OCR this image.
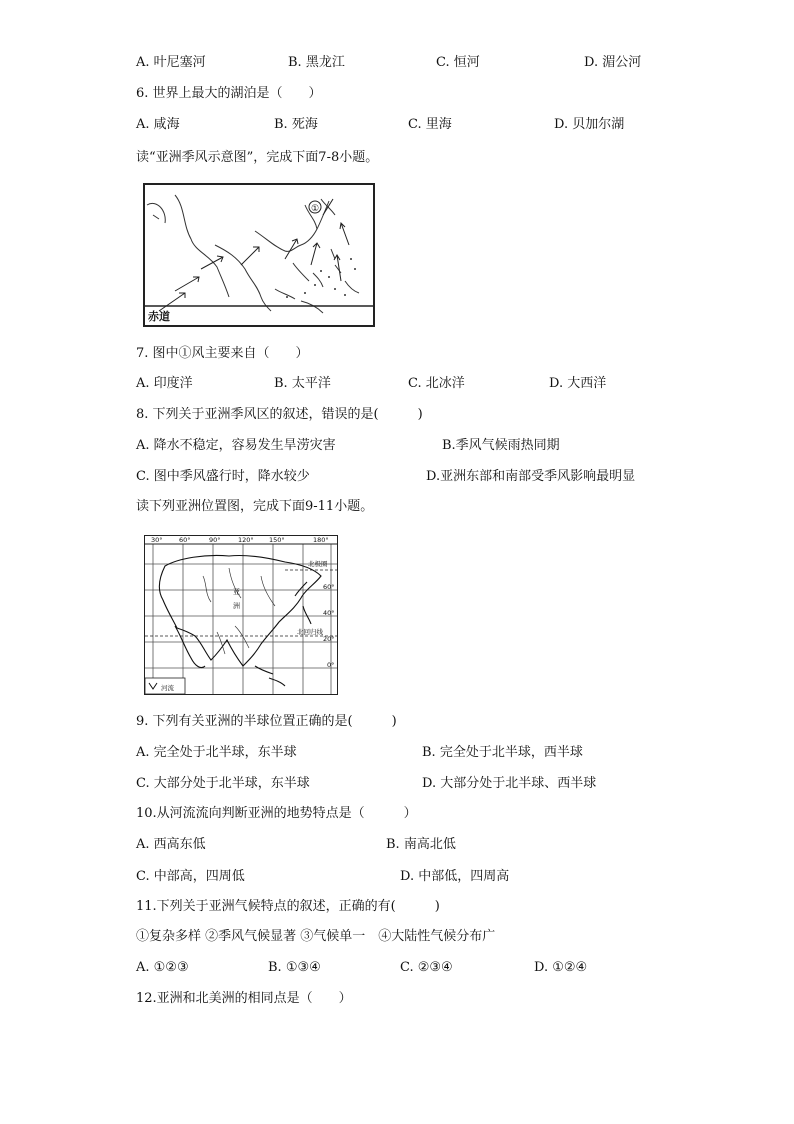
A. 叶尼塞河	B. 黑龙江	C. 恒河	D. 湄公河
6. 世界上最大的湖泊是（　　）
A. 咸海	B. 死海	C. 里海	D. 贝加尔湖
读“亚洲季风示意图”，完成下面7-8小题。
①
赤道
7. 图中①风主要来自（　　）
A. 印度洋	B. 太平洋	C. 北冰洋	D. 大西洋
8. 下列关于亚洲季风区的叙述，错误的是(　　　)
A. 降水不稳定，容易发生旱涝灾害	B.季风气候雨热同期
C. 图中季风盛行时，降水较少	D.亚洲东部和南部受季风影响最明显
读下列亚洲位置图，完成下面9-11小题。
30°	60°	90°	120° 150°	180°
60°
40°
20°
0°
北极圈
北回归线
亚
洲
河流
9. 下列有关亚洲的半球位置正确的是(　　　)
A. 完全处于北半球，东半球	B. 完全处于北半球，西半球
C. 大部分处于北半球，东半球	D. 大部分处于北半球、西半球
10.从河流流向判断亚洲的地势特点是（　　　）
A. 西高东低	B. 南高北低
C. 中部高，四周低	D. 中部低，四周高
11.下列关于亚洲气候特点的叙述，正确的有(　　　)
①复杂多样 ②季风气候显著 ③气候单一　④大陆性气候分布广
A. ①②③	B. ①③④	C. ②③④	D. ①②④
12.亚洲和北美洲的相同点是（　　）
